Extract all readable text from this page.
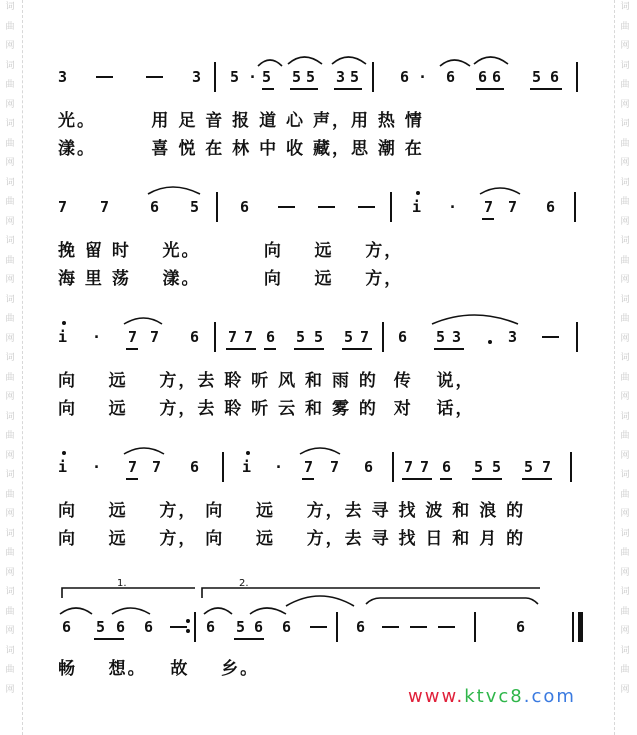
词曲网词曲网词曲网词曲网词曲网词曲网词曲网词曲网词曲网词曲网词曲网词曲网
词曲网词曲网词曲网词曲网词曲网词曲网词曲网词曲网词曲网词曲网词曲网词曲网
3	3 5 · 5 5 5 3 5	6 · 6 6 6 5 6
光。       用 足 音 报 道 心 声，用 热 情
漾。       喜 悦 在 林 中 收 藏，思 潮 在
7 7	6 5	6	i · 7 7 6
挽 留 时    光。        向    远    方，
海 里 荡    漾。        向    远    方，
i · 7 7 6 7 7 6 5 5 5 7 6 5 3	3
向    远    方，去 聆 听 风 和 雨 的  传   说，
向    远    方，去 聆 听 云 和 雾 的  对   话，
i · 7 7 6	i · 7 7 6 7 7 6 5 5 5 7
向    远    方， 向    远    方，去 寻 找 波 和 浪 的
向    远    方， 向    远    方，去 寻 找 日 和 月 的
6 5 6 6	6 5 6 6	6	6
畅    想。   故    乡。
1.	2.
www.ktvc8.com
